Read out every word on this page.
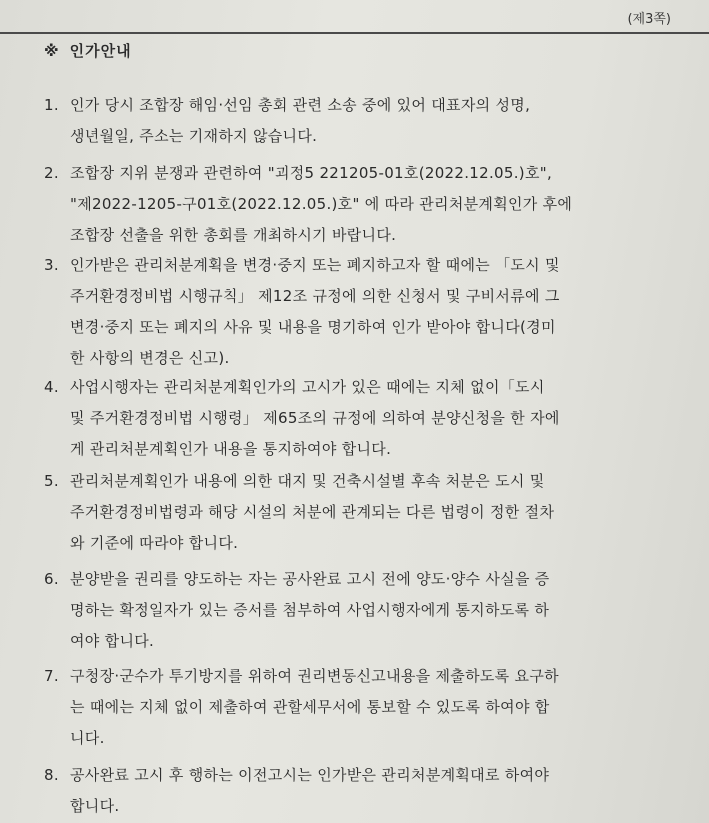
(제3쪽)
※ 인가안내
1. 인가 당시 조합장 해임·선임 총회 관련 소송 중에 있어 대표자의 성명,
생년월일, 주소는 기재하지 않습니다.
2. 조합장 지위 분쟁과 관련하여 "괴정5 221205-01호(2022.12.05.)호",
"제2022-1205-구01호(2022.12.05.)호" 에 따라 관리처분계획인가 후에
조합장 선출을 위한 총회를 개최하시기 바랍니다.
3. 인가받은 관리처분계획을 변경·중지 또는 폐지하고자 할 때에는 「도시 및
주거환경정비법 시행규칙」 제12조 규정에 의한 신청서 및 구비서류에 그
변경·중지 또는 폐지의 사유 및 내용을 명기하여 인가 받아야 합니다(경미
한 사항의 변경은 신고).
4. 사업시행자는 관리처분계획인가의 고시가 있은 때에는 지체 없이「도시
및 주거환경정비법 시행령」 제65조의 규정에 의하여 분양신청을 한 자에
게 관리처분계획인가 내용을 통지하여야 합니다.
5. 관리처분계획인가 내용에 의한 대지 및 건축시설별 후속 처분은 도시 및
주거환경정비법령과 해당 시설의 처분에 관계되는 다른 법령이 정한 절차
와 기준에 따라야 합니다.
6. 분양받을 권리를 양도하는 자는 공사완료 고시 전에 양도·양수 사실을 증
명하는 확정일자가 있는 증서를 첨부하여 사업시행자에게 통지하도록 하
여야 합니다.
7. 구청장·군수가 투기방지를 위하여 권리변동신고내용을 제출하도록 요구하
는 때에는 지체 없이 제출하여 관할세무서에 통보할 수 있도록 하여야 합
니다.
8. 공사완료 고시 후 행하는 이전고시는 인가받은 관리처분계획대로 하여야
합니다.
